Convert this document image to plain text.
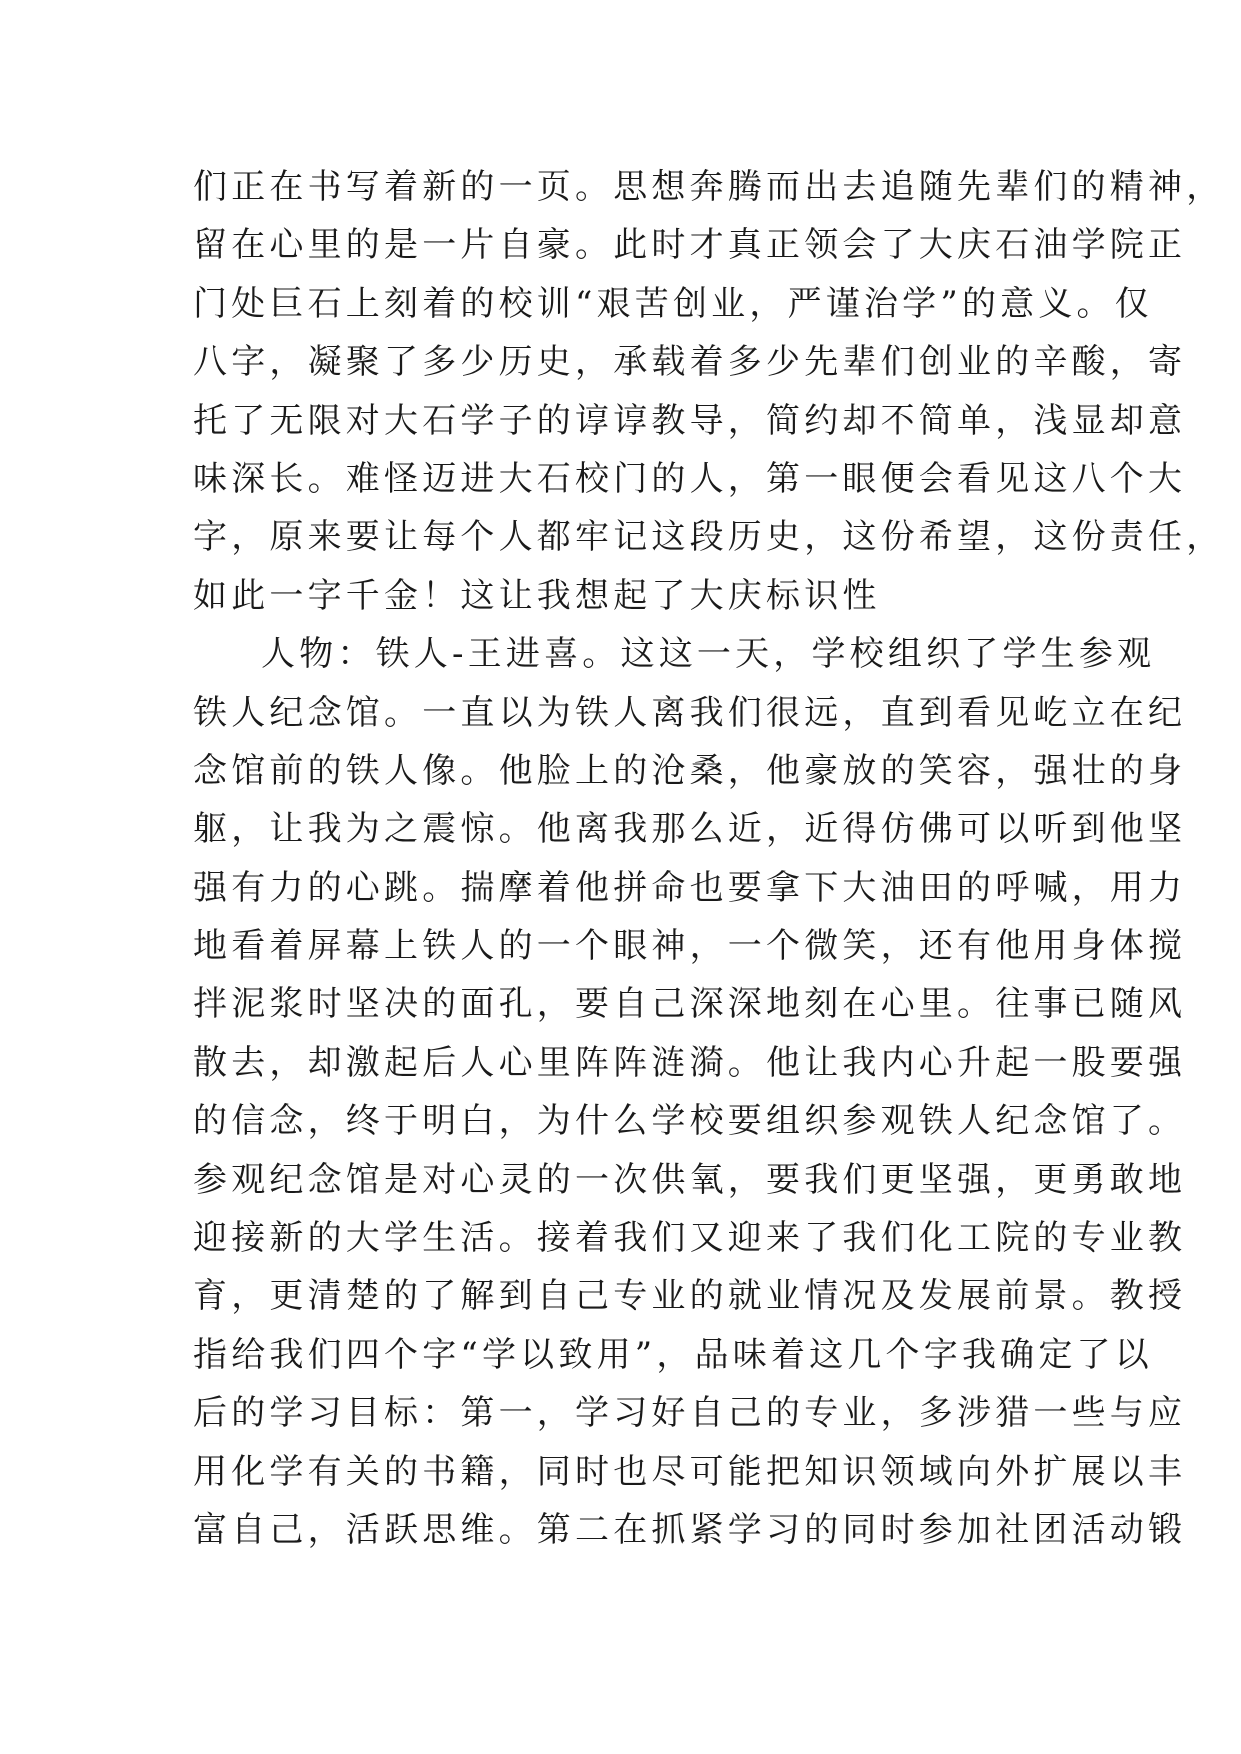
们正在书写着新的一页。思想奔腾而出去追随先辈们的精神，
留在心里的是一片自豪。此时才真正领会了大庆石油学院正
门处巨石上刻着的校训“艰苦创业，严谨治学”的意义。仅
八字，凝聚了多少历史，承载着多少先辈们创业的辛酸，寄
托了无限对大石学子的谆谆教导，简约却不简单，浅显却意
味深长。难怪迈进大石校门的人，第一眼便会看见这八个大
字，原来要让每个人都牢记这段历史，这份希望，这份责任，
如此一字千金！这让我想起了大庆标识性
人物：铁人-王进喜。这这一天，学校组织了学生参观
铁人纪念馆。一直以为铁人离我们很远，直到看见屹立在纪
念馆前的铁人像。他脸上的沧桑，他豪放的笑容，强壮的身
躯，让我为之震惊。他离我那么近，近得仿佛可以听到他坚
强有力的心跳。揣摩着他拼命也要拿下大油田的呼喊，用力
地看着屏幕上铁人的一个眼神，一个微笑，还有他用身体搅
拌泥浆时坚决的面孔，要自己深深地刻在心里。往事已随风
散去，却激起后人心里阵阵涟漪。他让我内心升起一股要强
的信念，终于明白，为什么学校要组织参观铁人纪念馆了。
参观纪念馆是对心灵的一次供氧，要我们更坚强，更勇敢地
迎接新的大学生活。接着我们又迎来了我们化工院的专业教
育，更清楚的了解到自己专业的就业情况及发展前景。教授
指给我们四个字“学以致用”，品味着这几个字我确定了以
后的学习目标：第一，学习好自己的专业，多涉猎一些与应
用化学有关的书籍，同时也尽可能把知识领域向外扩展以丰
富自己，活跃思维。第二在抓紧学习的同时参加社团活动锻
